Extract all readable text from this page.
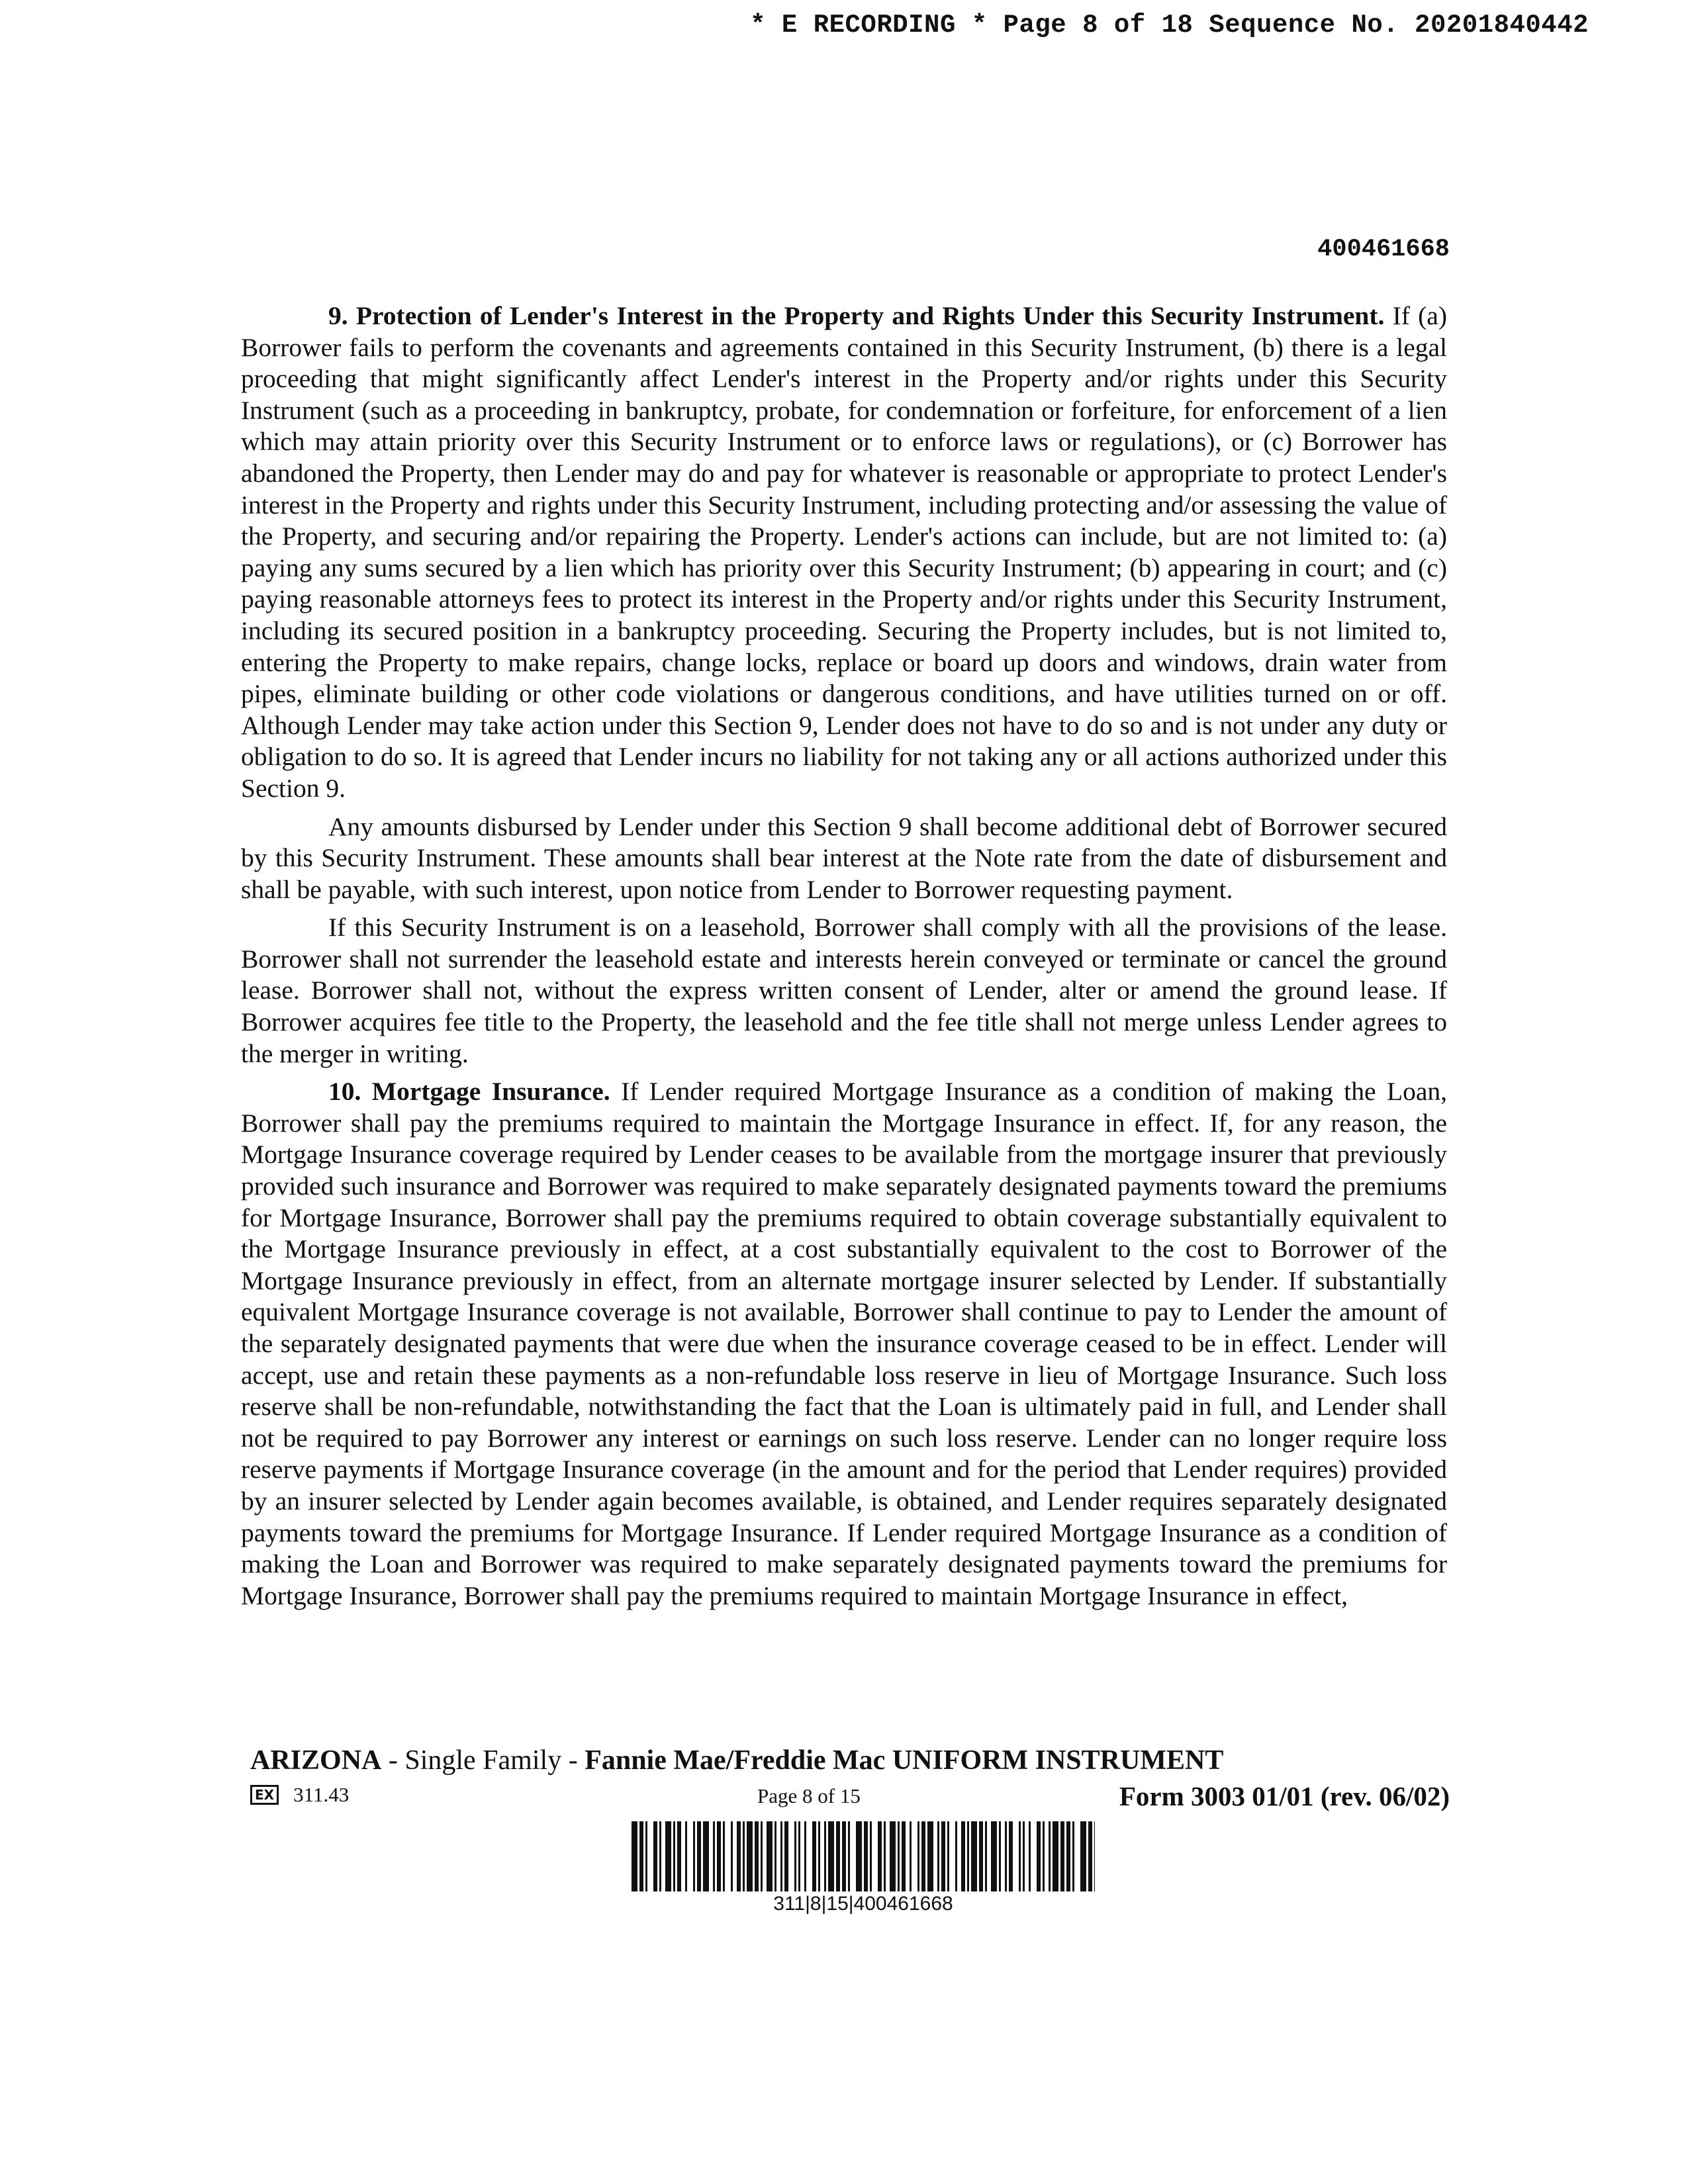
* E RECORDING * Page 8 of 18 Sequence No. 20201840442
400461668

9. Protection of Lender's Interest in the Property and Rights Under this Security Instrument. If (a) Borrower fails to perform the covenants and agreements contained in this Security Instrument, (b) there is a legal proceeding that might significantly affect Lender's interest in the Property and/or rights under this Security Instrument (such as a proceeding in bankruptcy, probate, for condemnation or forfeiture, for enforcement of a lien which may attain priority over this Security Instrument or to enforce laws or regulations), or (c) Borrower has abandoned the Property, then Lender may do and pay for whatever is reasonable or appropriate to protect Lender's interest in the Property and rights under this Security Instrument, including protecting and/or assessing the value of the Property, and securing and/or repairing the Property. Lender's actions can include, but are not limited to: (a) paying any sums secured by a lien which has priority over this Security Instrument; (b) appearing in court; and (c) paying reasonable attorneys fees to protect its interest in the Property and/or rights under this Security Instrument, including its secured position in a bankruptcy proceeding. Securing the Property includes, but is not limited to, entering the Property to make repairs, change locks, replace or board up doors and windows, drain water from pipes, eliminate building or other code violations or dangerous conditions, and have utilities turned on or off. Although Lender may take action under this Section 9, Lender does not have to do so and is not under any duty or obligation to do so. It is agreed that Lender incurs no liability for not taking any or all actions authorized under this Section 9.

Any amounts disbursed by Lender under this Section 9 shall become additional debt of Borrower secured by this Security Instrument. These amounts shall bear interest at the Note rate from the date of disbursement and shall be payable, with such interest, upon notice from Lender to Borrower requesting payment.

If this Security Instrument is on a leasehold, Borrower shall comply with all the provisions of the lease. Borrower shall not surrender the leasehold estate and interests herein conveyed or terminate or cancel the ground lease. Borrower shall not, without the express written consent of Lender, alter or amend the ground lease. If Borrower acquires fee title to the Property, the leasehold and the fee title shall not merge unless Lender agrees to the merger in writing.

10. Mortgage Insurance. If Lender required Mortgage Insurance as a condition of making the Loan, Borrower shall pay the premiums required to maintain the Mortgage Insurance in effect. If, for any reason, the Mortgage Insurance coverage required by Lender ceases to be available from the mortgage insurer that previously provided such insurance and Borrower was required to make separately designated payments toward the premiums for Mortgage Insurance, Borrower shall pay the premiums required to obtain coverage substantially equivalent to the Mortgage Insurance previously in effect, at a cost substantially equivalent to the cost to Borrower of the Mortgage Insurance previously in effect, from an alternate mortgage insurer selected by Lender. If substantially equivalent Mortgage Insurance coverage is not available, Borrower shall continue to pay to Lender the amount of the separately designated payments that were due when the insurance coverage ceased to be in effect. Lender will accept, use and retain these payments as a non-refundable loss reserve in lieu of Mortgage Insurance. Such loss reserve shall be non-refundable, notwithstanding the fact that the Loan is ultimately paid in full, and Lender shall not be required to pay Borrower any interest or earnings on such loss reserve. Lender can no longer require loss reserve payments if Mortgage Insurance coverage (in the amount and for the period that Lender requires) provided by an insurer selected by Lender again becomes available, is obtained, and Lender requires separately designated payments toward the premiums for Mortgage Insurance. If Lender required Mortgage Insurance as a condition of making the Loan and Borrower was required to make separately designated payments toward the premiums for Mortgage Insurance, Borrower shall pay the premiums required to maintain Mortgage Insurance in effect,

ARIZONA - Single Family - Fannie Mae/Freddie Mac UNIFORM INSTRUMENT
EX 311.43	Page 8 of 15	Form 3003 01/01 (rev. 06/02)
311|8|15|400461668
